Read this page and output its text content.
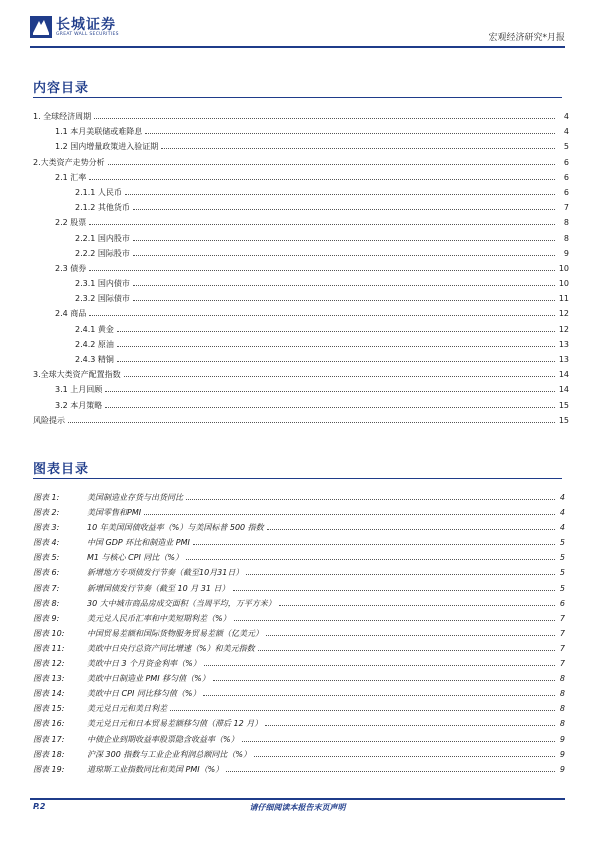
长城证券
GREAT WALL SECURITIES	宏观经济研究*月报
内容目录
1. 全球经济周期	4
1.1 本月美联储或难降息	4
1.2 国内增量政策进入验证期	5
2.大类资产走势分析	6
2.1 汇率	6
2.1.1 人民币	6
2.1.2 其他货币	7
2.2 股票	8
2.2.1 国内股市	8
2.2.2 国际股市	9
2.3 债券	10
2.3.1 国内债市	10
2.3.2 国际债市	11
2.4 商品	12
2.4.1 黄金	12
2.4.2 原油	13
2.4.3 精铜	13
3.全球大类资产配置指数	14
3.1 上月回顾	14
3.2 本月策略	15
风险提示	15
图表目录
图表 1:	美国制造业存货与出货同比	4
图表 2:	美国零售和PMI	4
图表 3:	10 年美国国债收益率（%）与美国标普 500 指数	4
图表 4:	中国 GDP 环比和制造业 PMI	5
图表 5:	M1 与核心 CPI 同比（%）	5
图表 6:	新增地方专项债发行节奏（截至10月31日）	5
图表 7:	新增国债发行节奏（截至 10 月 31 日）	5
图表 8:	30 大中城市商品房成交面积（当周平均，万平方米）	6
图表 9:	美元兑人民币汇率和中美短期利差（%）	7
图表 10:	中国贸易差额和国际货物服务贸易差额（亿美元）	7
图表 11:	美欧中日央行总资产同比增速（%）和美元指数	7
图表 12:	美欧中日 3 个月资金利率（%）	7
图表 13:	美欧中日制造业 PMI 移匀值（%）	8
图表 14:	美欧中日 CPI 同比移匀值（%）	8
图表 15:	美元兑日元和美日利差	8
图表 16:	美元兑日元和日本贸易差额移匀值（滞后 12 月）	8
图表 17:	中债企业到期收益率股票隐含收益率（%）	9
图表 18:	沪深 300 指数与工业企业利润总额同比（%）	9
图表 19:	道琼斯工业指数同比和美国 PMI（%）	9
P.2	请仔细阅读本报告末页声明
